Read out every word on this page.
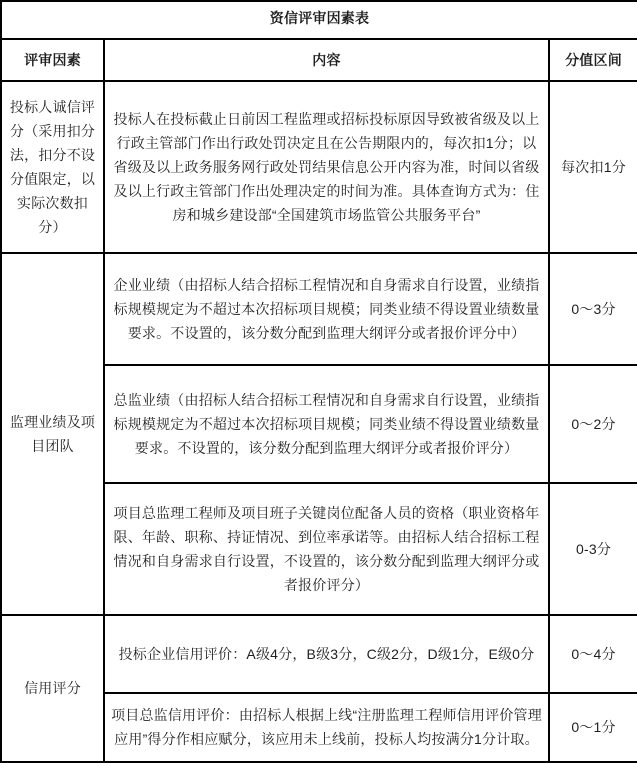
资信评审因素表		
评审因素	内容	分值区间
投标人诚信评分（采用扣分法，扣分不设分值限定，以实际次数扣分）	投标人在投标截止日前因工程监理或招标投标原因导致被省级及以上行政主管部门作出行政处罚决定且在公告期限内的，每次扣1分；以省级及以上政务服务网行政处罚结果信息公开内容为准，时间以省级及以上行政主管部门作出处理决定的时间为准。具体查询方式为：住房和城乡建设部“全国建筑市场监管公共服务平台”	每次扣1分
监理业绩及项目团队	企业业绩（由招标人结合招标工程情况和自身需求自行设置，业绩指标规模规定为不超过本次招标项目规模；同类业绩不得设置业绩数量要求。不设置的，该分数分配到监理大纲评分或者报价评分中）	0～3分
	总监业绩（由招标人结合招标工程情况和自身需求自行设置，业绩指标规模规定为不超过本次招标项目规模；同类业绩不得设置业绩数量要求。不设置的，该分数分配到监理大纲评分或者报价评分）	0～2分
	项目总监理工程师及项目班子关键岗位配备人员的资格（职业资格年限、年龄、职称、持证情况、到位率承诺等。由招标人结合招标工程情况和自身需求自行设置，不设置的，该分数分配到监理大纲评分或者报价评分）	0-3分
信用评分	投标企业信用评价：A级4分，B级3分，C级2分，D级1分，E级0分	0～4分
	项目总监信用评价：由招标人根据上线“注册监理工程师信用评价管理应用”得分作相应赋分，该应用未上线前，投标人均按满分1分计取。	0～1分
